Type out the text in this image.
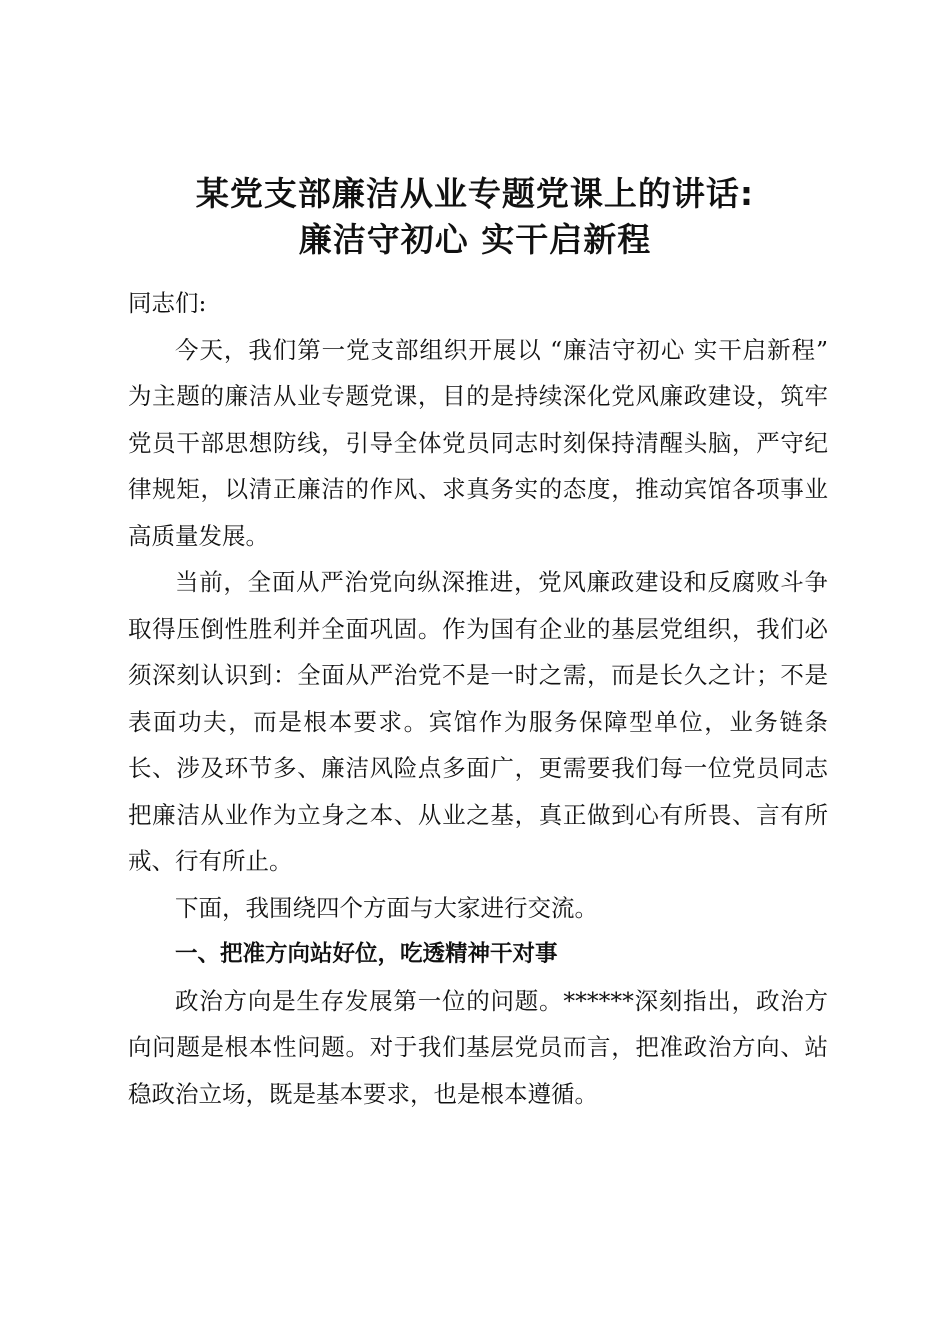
某党支部廉洁从业专题党课上的讲话:
廉洁守初心 实干启新程

同志们:

今天，我们第一党支部组织开展以 “廉洁守初心 实干启新程” 为主题的廉洁从业专题党课，目的是持续深化党风廉政建设，筑牢党员干部思想防线，引导全体党员同志时刻保持清醒头脑，严守纪律规矩，以清正廉洁的作风、求真务实的态度，推动宾馆各项事业高质量发展。

当前，全面从严治党向纵深推进，党风廉政建设和反腐败斗争取得压倒性胜利并全面巩固。作为国有企业的基层党组织，我们必须深刻认识到：全面从严治党不是一时之需，而是长久之计；不是表面功夫，而是根本要求。宾馆作为服务保障型单位，业务链条长、涉及环节多、廉洁风险点多面广，更需要我们每一位党员同志把廉洁从业作为立身之本、从业之基，真正做到心有所畏、言有所戒、行有所止。

下面，我围绕四个方面与大家进行交流。

一、把准方向站好位，吃透精神干对事

政治方向是生存发展第一位的问题。******深刻指出，政治方向问题是根本性问题。对于我们基层党员而言，把准政治方向、站稳政治立场，既是基本要求，也是根本遵循。
